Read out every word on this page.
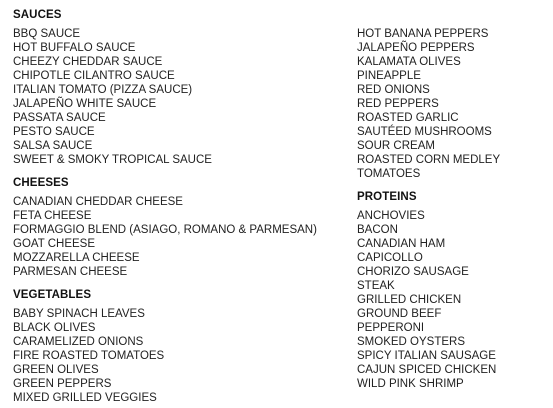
SAUCES
BBQ SAUCE
HOT BUFFALO SAUCE
CHEEZY CHEDDAR SAUCE
CHIPOTLE CILANTRO SAUCE
ITALIAN TOMATO (PIZZA SAUCE)
JALAPEÑO WHITE SAUCE
PASSATA SAUCE
PESTO SAUCE
SALSA SAUCE
SWEET & SMOKY TROPICAL SAUCE
CHEESES
CANADIAN CHEDDAR CHEESE
FETA CHEESE
FORMAGGIO BLEND (ASIAGO, ROMANO & PARMESAN)
GOAT CHEESE
MOZZARELLA CHEESE
PARMESAN CHEESE
VEGETABLES
BABY SPINACH LEAVES
BLACK OLIVES
CARAMELIZED ONIONS
FIRE ROASTED TOMATOES
GREEN OLIVES
GREEN PEPPERS
MIXED GRILLED VEGGIES
HOT BANANA PEPPERS
JALAPEÑO PEPPERS
KALAMATA OLIVES
PINEAPPLE
RED ONIONS
RED PEPPERS
ROASTED GARLIC
SAUTÉED MUSHROOMS
SOUR CREAM
ROASTED CORN MEDLEY
TOMATOES
PROTEINS
ANCHOVIES
BACON
CANADIAN HAM
CAPICOLLO
CHORIZO SAUSAGE
STEAK
GRILLED CHICKEN
GROUND BEEF
PEPPERONI
SMOKED OYSTERS
SPICY ITALIAN SAUSAGE
CAJUN SPICED CHICKEN
WILD PINK SHRIMP
